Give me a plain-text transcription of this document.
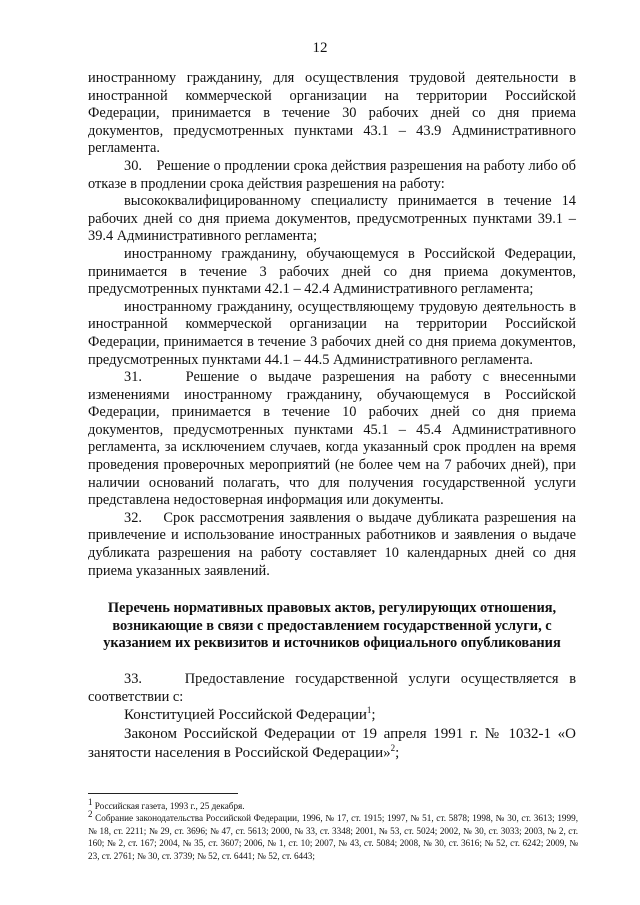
12

иностранному гражданину, для осуществления трудовой деятельности в иностранной коммерческой организации на территории Российской Федерации, принимается в течение 30 рабочих дней со дня приема документов, предусмотренных пунктами 43.1 – 43.9 Административного регламента.

30.    Решение о продлении срока действия разрешения на работу либо об отказе в продлении срока действия разрешения на работу:

высококвалифицированному специалисту принимается в течение 14 рабочих дней со дня приема документов, предусмотренных пунктами 39.1 – 39.4 Административного регламента;

иностранному гражданину, обучающемуся в Российской Федерации, принимается в течение 3 рабочих дней со дня приема документов, предусмотренных пунктами 42.1 – 42.4 Административного регламента;

иностранному гражданину, осуществляющему трудовую деятельность в иностранной коммерческой организации на территории Российской Федерации, принимается в течение 3 рабочих дней со дня приема документов, предусмотренных пунктами 44.1 – 44.5 Административного регламента.

31.    Решение о выдаче разрешения на работу с внесенными изменениями иностранному гражданину, обучающемуся в Российской Федерации, принимается в течение 10 рабочих дней со дня приема документов, предусмотренных пунктами 45.1 – 45.4 Административного регламента, за исключением случаев, когда указанный срок продлен на время проведения проверочных мероприятий (не более чем на 7 рабочих дней), при наличии оснований полагать, что для получения государственной услуги представлена недостоверная информация или документы.

32.    Срок рассмотрения заявления о выдаче дубликата разрешения на привлечение и использование иностранных работников и заявления о выдаче дубликата разрешения на работу составляет 10 календарных дней со дня приема указанных заявлений.

Перечень нормативных правовых актов, регулирующих отношения, возникающие в связи с предоставлением государственной услуги, с указанием их реквизитов и источников официального опубликования

33.    Предоставление государственной услуги осуществляется в соответствии с:

Конституцией Российской Федерации$^1$;

Законом Российской Федерации от 19 апреля 1991 г. № 1032-1 «О занятости населения в Российской Федерации»$^2$;

$^1$ Российская газета, 1993 г., 25 декабря.

$^2$ Собрание законодательства Российской Федерации, 1996, № 17, ст. 1915; 1997, № 51, ст. 5878; 1998, № 30, ст. 3613; 1999, № 18, ст. 2211; № 29, ст. 3696; № 47, ст. 5613; 2000, № 33, ст. 3348; 2001, № 53, ст. 5024; 2002, № 30, ст. 3033; 2003, № 2, ст. 160; № 2, ст. 167; 2004, № 35, ст. 3607; 2006, № 1, ст. 10; 2007, № 43, ст. 5084; 2008, № 30, ст. 3616; № 52, ст. 6242; 2009, № 23, ст. 2761; № 30, ст. 3739; № 52, ст. 6441; № 52, ст. 6443;
